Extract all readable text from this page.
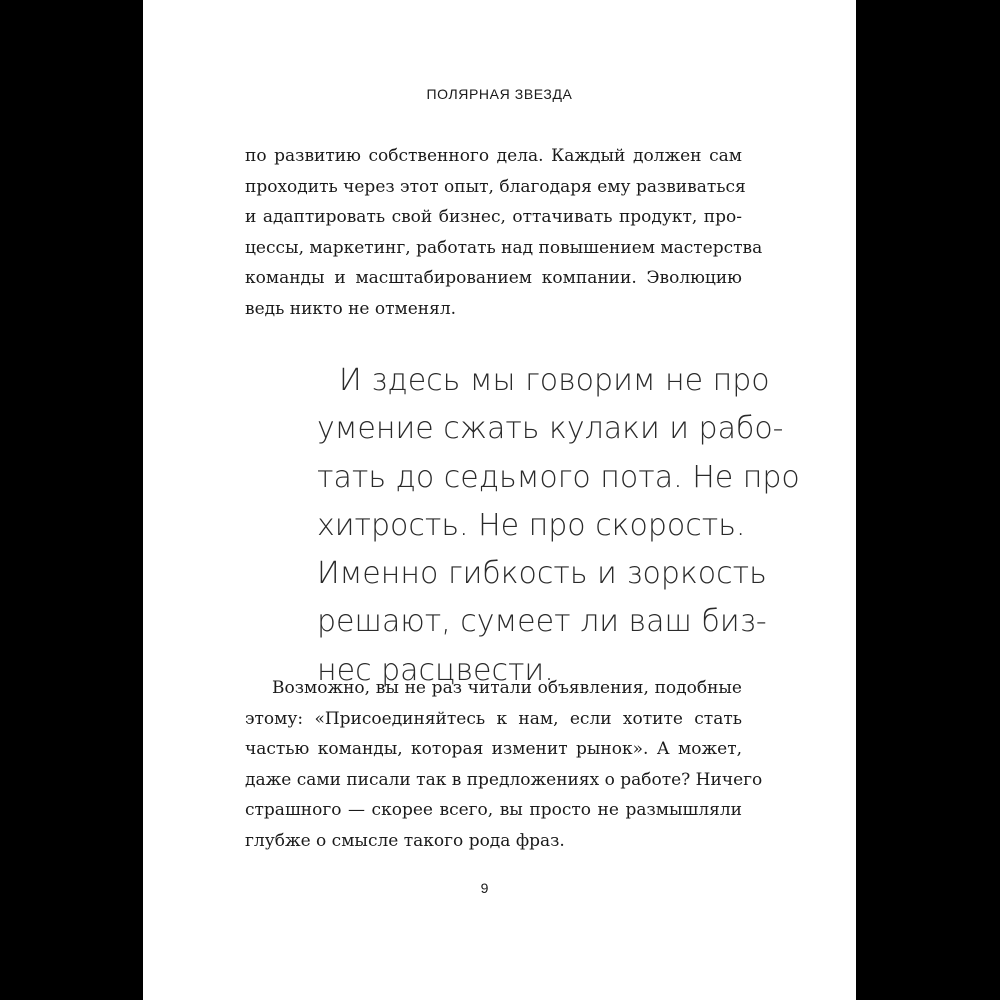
ПОЛЯРНАЯ ЗВЕЗДА

по развитию собственного дела. Каждый должен сам
проходить через этот опыт, благодаря ему развиваться
и адаптировать свой бизнес, оттачивать продукт, про-
цессы, маркетинг, работать над повышением мастерства
команды и масштабированием компании. Эволюцию
ведь никто не отменял.

И здесь мы говорим не про
умение сжать кулаки и рабо-
тать до седьмого пота. Не про
хитрость. Не про скорость.
Именно гибкость и зоркость
решают, сумеет ли ваш биз-
нес расцвести.

Возможно, вы не раз читали объявления, подобные
этому: «Присоединяйтесь к нам, если хотите стать
частью команды, которая изменит рынок». А может,
даже сами писали так в предложениях о работе? Ничего
страшного — скорее всего, вы просто не размышляли
глубже о смысле такого рода фраз.

9
